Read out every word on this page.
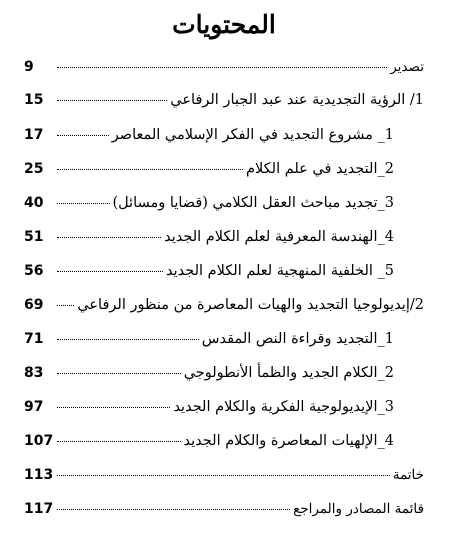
المحتويات
تصدير
9
1/ الرؤية التجديدية عند عبد الجبار الرفاعي
15
1_ مشروع التجديد في الفكر الإسلامي المعاصر
17
2_التجديد في علم الكلام
25
3_تجديد مباحث العقل الكلامي (قضايا ومسائل)
40
4_الهندسة المعرفية لعلم الكلام الجديد
51
5_ الخلفية المنهجية لعلم الكلام الجديد
56
2/إيديولوجيا التجديد والهيات المعاصرة من منظور الرفاعي
69
1_التجديد وقراءة النص المقدس
71
2_الكلام الجديد والظمأ الأنطولوجي
83
3_الإيديولوجية الفكرية والكلام الجديد
97
4_الإلهيات المعاصرة والكلام الجديد
107
خاتمة
113
قائمة المصادر والمراجع
117
